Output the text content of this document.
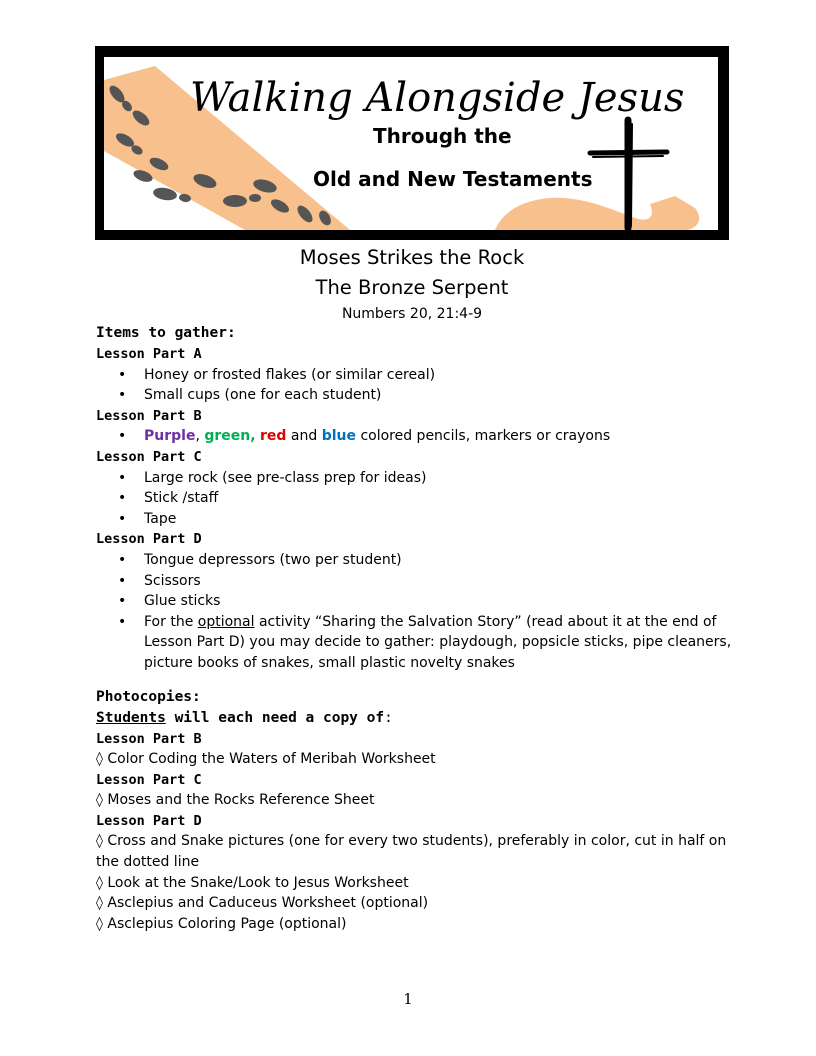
Walking Alongside Jesus
Through the
Old and New Testaments
Moses Strikes the Rock
The Bronze Serpent
Numbers 20, 21:4-9
Items to gather:
Lesson Part A
• Honey or frosted flakes (or similar cereal)
• Small cups (one for each student)
Lesson Part B
• Purple, green, red and blue colored pencils, markers or crayons
Lesson Part C
• Large rock (see pre-class prep for ideas)
• Stick /staff
• Tape
Lesson Part D
• Tongue depressors (two per student)
• Scissors
• Glue sticks
• For the optional activity “Sharing the Salvation Story” (read about it at the end of Lesson Part D) you may decide to gather: playdough, popsicle sticks, pipe cleaners, picture books of snakes, small plastic novelty snakes
Photocopies:
Students will each need a copy of:
Lesson Part B
◊ Color Coding the Waters of Meribah Worksheet
Lesson Part C
◊ Moses and the Rocks Reference Sheet
Lesson Part D
◊ Cross and Snake pictures (one for every two students), preferably in color, cut in half on the dotted line
◊ Look at the Snake/Look to Jesus Worksheet
◊ Asclepius and Caduceus Worksheet (optional)
◊ Asclepius Coloring Page (optional)
1
